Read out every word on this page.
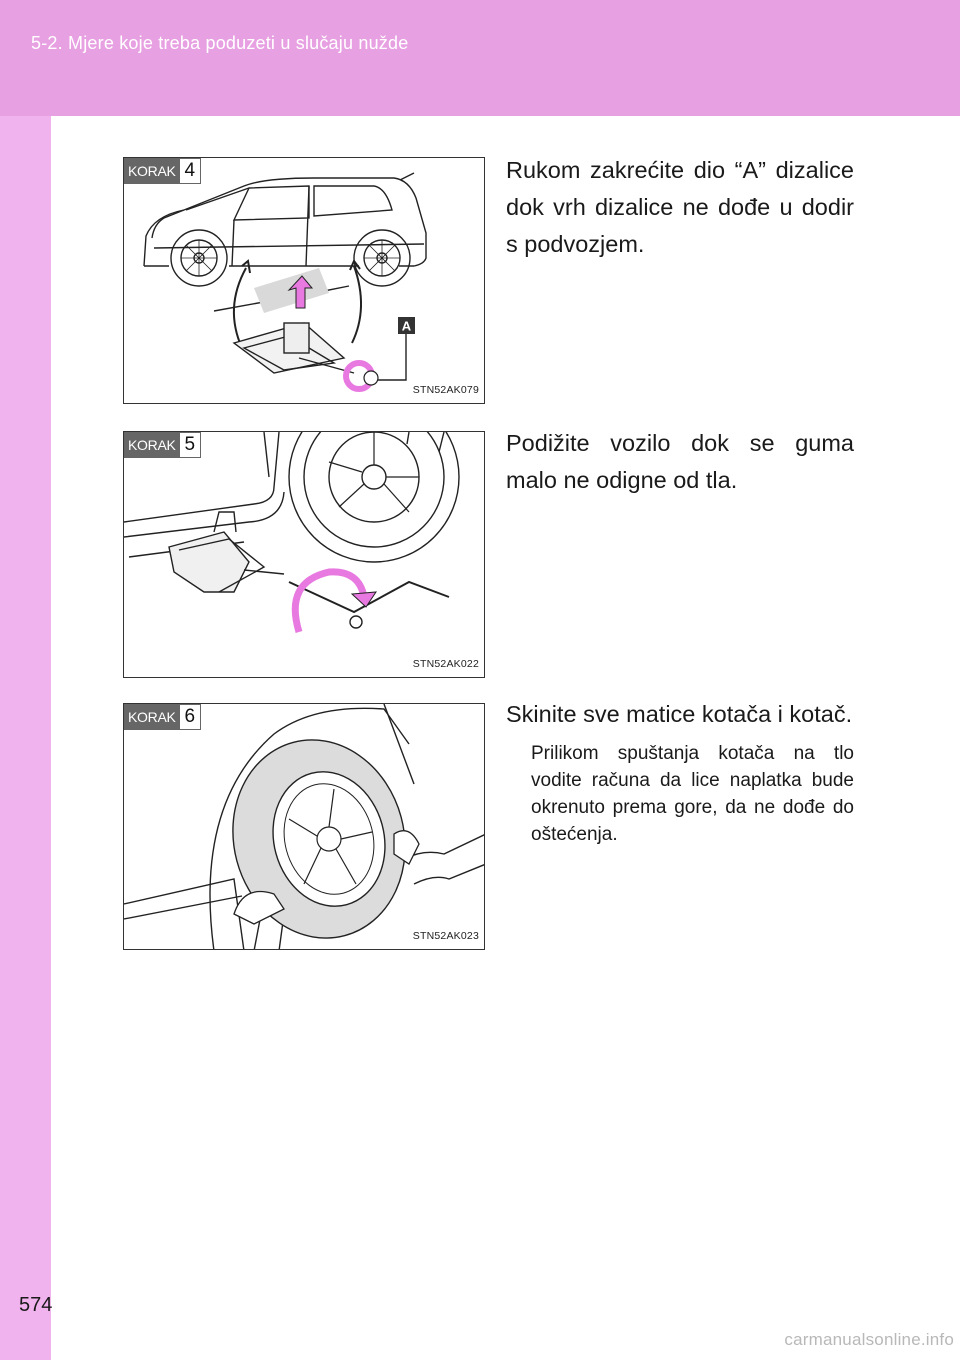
5-2. Mjere koje treba poduzeti u slučaju nužde
574
carmanualsonline.info
KORAK 4
A
STN52AK079
Rukom zakrećite dio “A” dizalice dok vrh dizalice ne dođe u dodir s podvozjem.
KORAK 5
STN52AK022
Podižite vozilo dok se guma malo ne odigne od tla.
KORAK 6
STN52AK023
Skinite sve matice kotača i kotač.
Prilikom spuštanja kotača na tlo vodite računa da lice naplatka bude okrenuto prema gore, da ne dođe do oštećenja.
